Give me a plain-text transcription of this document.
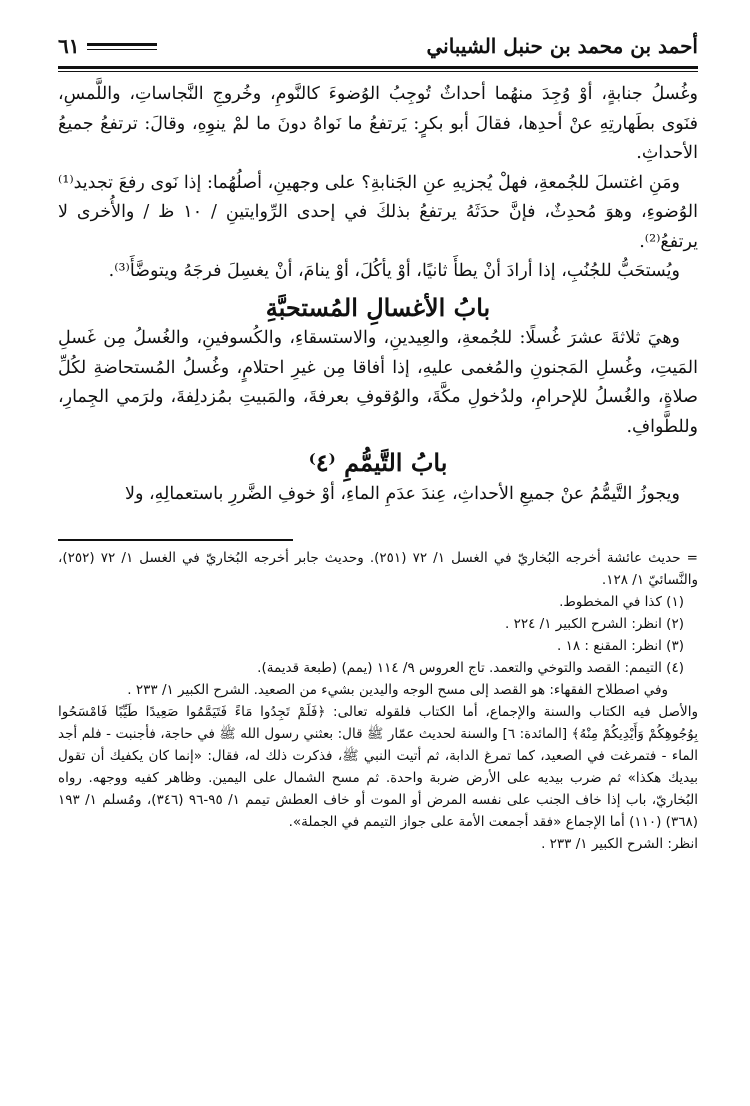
أحمد بن محمد بن حنبل الشيباني
٦١

وغُسلُ جنابةٍ، أوْ وُجِدَ منهُما أحداثٌ تُوجِبُ الوُضوءَ كالنَّومِ، وخُروجِ النَّجاساتِ، واللَّمسِ، فنَوى بطَهارتِهِ عنْ أحدِها، فقالَ أبو بكرٍ: يَرتفعُ ما نَواهُ دونَ ما لمْ ينوِهِ، وقالَ: ترتفعُ جميعُ الأحداثِ.

ومَنِ اغتسلَ للجُمعةِ، فهلْ يُجزيهِ عنِ الجَنابةِ؟ على وجهينِ، أصلُهُما: إذا نَوى رفعَ تجديد⁽¹⁾ الوُضوءِ، وهوَ مُحدِثٌ، فإنَّ حدَثَهُ يرتفعُ بذلكَ في إحدى الرِّوايتينِ / ١٠ ظ / والأُخرى لا يرتفعُ⁽²⁾.

ويُستحَبُّ للجُنُبِ، إذا أرادَ أنْ يطأَ ثانيًا، أوْ يأكُلَ، أوْ ينامَ، أنْ يغسِلَ فرجَهُ ويتوضَّأَ⁽³⁾.

بابُ الأغسالِ المُستحبَّةِ

وهيَ ثلاثةَ عشرَ غُسلًا: للجُمعةِ، والعِيدينِ، والاستسقاءِ، والكُسوفينِ، والغُسلُ مِن غَسلِ المَيتِ، وغُسلِ المَجنونِ والمُغمى عليهِ، إذا أفاقا مِن غيرِ احتلامٍ، وغُسلُ المُستحاضةِ لكُلِّ صلاةٍ، والغُسلُ للإحرامِ، ولدُخولِ مكَّةَ، والوُقوفِ بعرفةَ، والمَبيتِ بمُزدلِفةَ، ولرَمي الجِمارِ، وللطَّوافِ.

بابُ التَّيمُّمِ ⁽٤⁾

ويجوزُ التَّيمُّمُ عنْ جميعِ الأحداثِ، عِندَ عدَمِ الماءِ، أوْ خوفِ الضَّررِ باستعمالِهِ، ولا

= حديث عائشة أخرجه البُخاريّ في الغسل ١/ ٧٢ (٢٥١). وحديث جابر أخرجه البُخاريّ في الغسل ١/ ٧٢ (٢٥٢)، والنَّسائيّ ١/ ١٢٨.

(١) كذا في المخطوط.

(٢) انظر: الشرح الكبير ١/ ٢٢٤ .

(٣) انظر: المقنع : ١٨ .

(٤) التيمم: القصد والتوخي والتعمد. تاج العروس ٩/ ١١٤ (يمم) (طبعة قديمة).

وفي اصطلاح الفقهاء: هو القصد إلى مسح الوجه واليدين بشيء من الصعيد. الشرح الكبير ١/ ٢٣٣ .

والأصل فيه الكتاب والسنة والإجماع، أما الكتاب فلقوله تعالى: ﴿فَلَمْ تَجِدُوا مَاءً فَتَيَمَّمُوا صَعِيدًا طَيِّبًا فَامْسَحُوا بِوُجُوهِكُمْ وَأَيْدِيكُمْ مِنْهُ﴾ [المائدة: ٦] والسنة لحديث عمّار ﷺ قال: بعثني رسول الله ﷺ في حاجة، فأجنبت - فلم أجد الماء - فتمرغت في الصعيد، كما تمرغ الدابة، ثم أتيت النبي ﷺ، فذكرت ذلك له، فقال: «إنما كان يكفيك أن تقول بيديك هكذا» ثم ضرب بيديه على الأرض ضربة واحدة. ثم مسح الشمال على اليمين. وظاهر كفيه ووجهه. رواه البُخاريّ، باب إذا خاف الجنب على نفسه المرض أو الموت أو خاف العطش تيمم ١/ ٩٥-٩٦ (٣٤٦)، ومُسلم ١/ ١٩٣ (٣٦٨) (١١٠) أما الإجماع «فقد أجمعت الأمة على جواز التيمم في الجملة».

انظر: الشرح الكبير ١/ ٢٣٣ .
